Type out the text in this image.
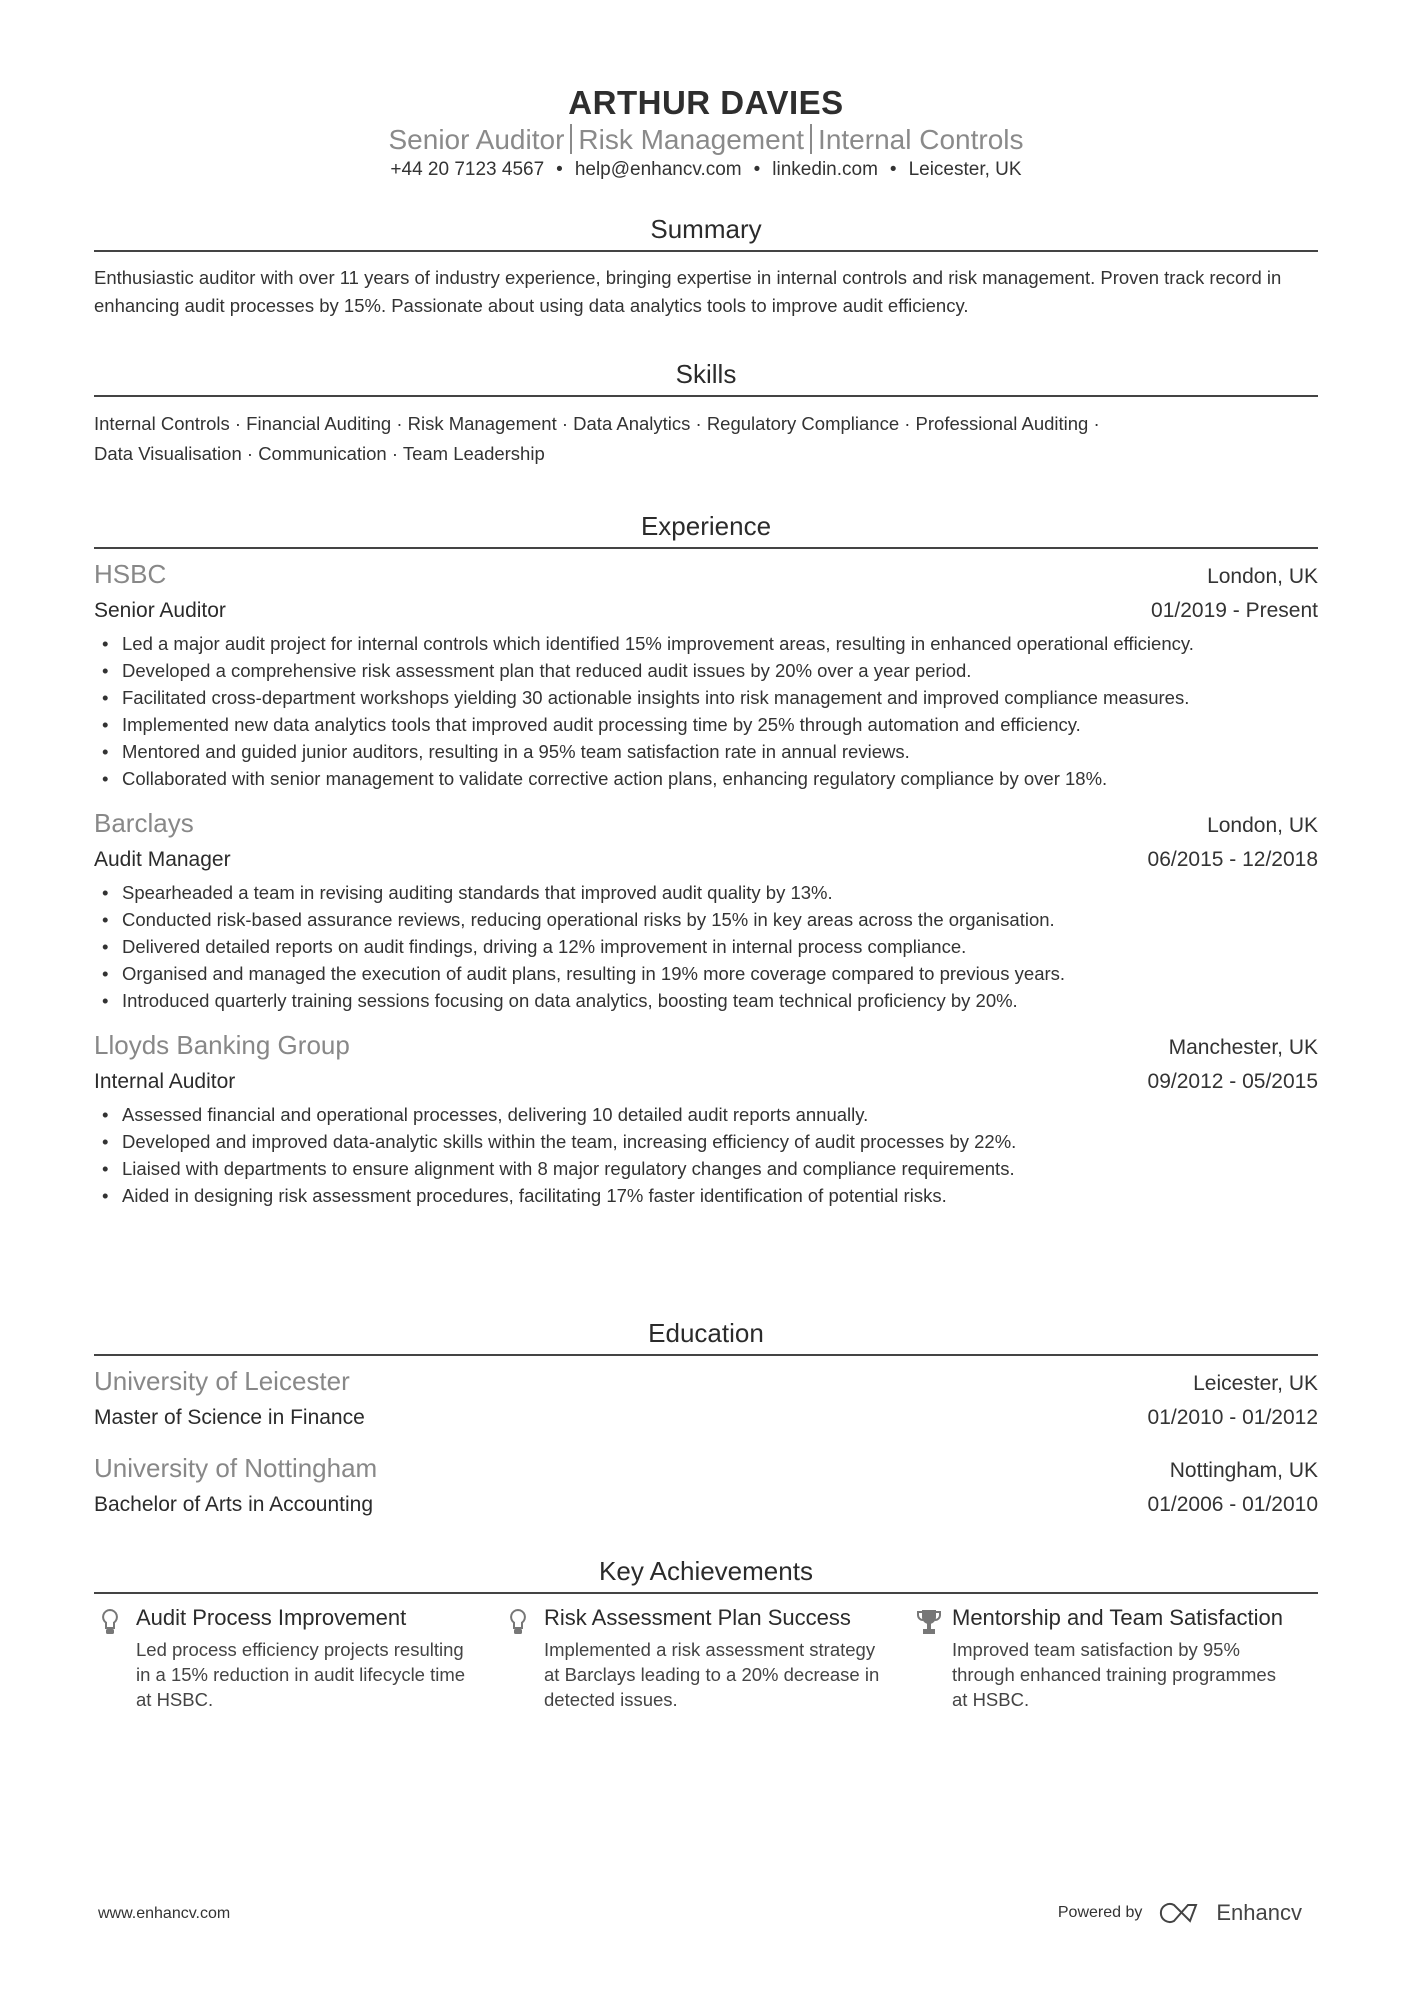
ARTHUR DAVIES
Senior Auditor Risk Management Internal Controls
+44 20 7123 4567 • help@enhancv.com • linkedin.com • Leicester, UK
Summary
Enthusiastic auditor with over 11 years of industry experience, bringing expertise in internal controls and risk management. Proven track record in enhancing audit processes by 15%. Passionate about using data analytics tools to improve audit efficiency.
Skills
Internal Controls · Financial Auditing · Risk Management · Data Analytics · Regulatory Compliance · Professional Auditing ·
Data Visualisation · Communication · Team Leadership
Experience
HSBC	London, UK
Senior Auditor	01/2019 - Present
• Led a major audit project for internal controls which identified 15% improvement areas, resulting in enhanced operational efficiency.
• Developed a comprehensive risk assessment plan that reduced audit issues by 20% over a year period.
• Facilitated cross-department workshops yielding 30 actionable insights into risk management and improved compliance measures.
• Implemented new data analytics tools that improved audit processing time by 25% through automation and efficiency.
• Mentored and guided junior auditors, resulting in a 95% team satisfaction rate in annual reviews.
• Collaborated with senior management to validate corrective action plans, enhancing regulatory compliance by over 18%.
Barclays	London, UK
Audit Manager	06/2015 - 12/2018
• Spearheaded a team in revising auditing standards that improved audit quality by 13%.
• Conducted risk-based assurance reviews, reducing operational risks by 15% in key areas across the organisation.
• Delivered detailed reports on audit findings, driving a 12% improvement in internal process compliance.
• Organised and managed the execution of audit plans, resulting in 19% more coverage compared to previous years.
• Introduced quarterly training sessions focusing on data analytics, boosting team technical proficiency by 20%.
Lloyds Banking Group	Manchester, UK
Internal Auditor	09/2012 - 05/2015
• Assessed financial and operational processes, delivering 10 detailed audit reports annually.
• Developed and improved data-analytic skills within the team, increasing efficiency of audit processes by 22%.
• Liaised with departments to ensure alignment with 8 major regulatory changes and compliance requirements.
• Aided in designing risk assessment procedures, facilitating 17% faster identification of potential risks.
Education
University of Leicester	Leicester, UK
Master of Science in Finance	01/2010 - 01/2012
University of Nottingham	Nottingham, UK
Bachelor of Arts in Accounting	01/2006 - 01/2010
Key Achievements
Audit Process Improvement
Led process efficiency projects resulting in a 15% reduction in audit lifecycle time at HSBC.
Risk Assessment Plan Success
Implemented a risk assessment strategy at Barclays leading to a 20% decrease in detected issues.
Mentorship and Team Satisfaction
Improved team satisfaction by 95% through enhanced training programmes at HSBC.
www.enhancv.com	Powered by	Enhancv
